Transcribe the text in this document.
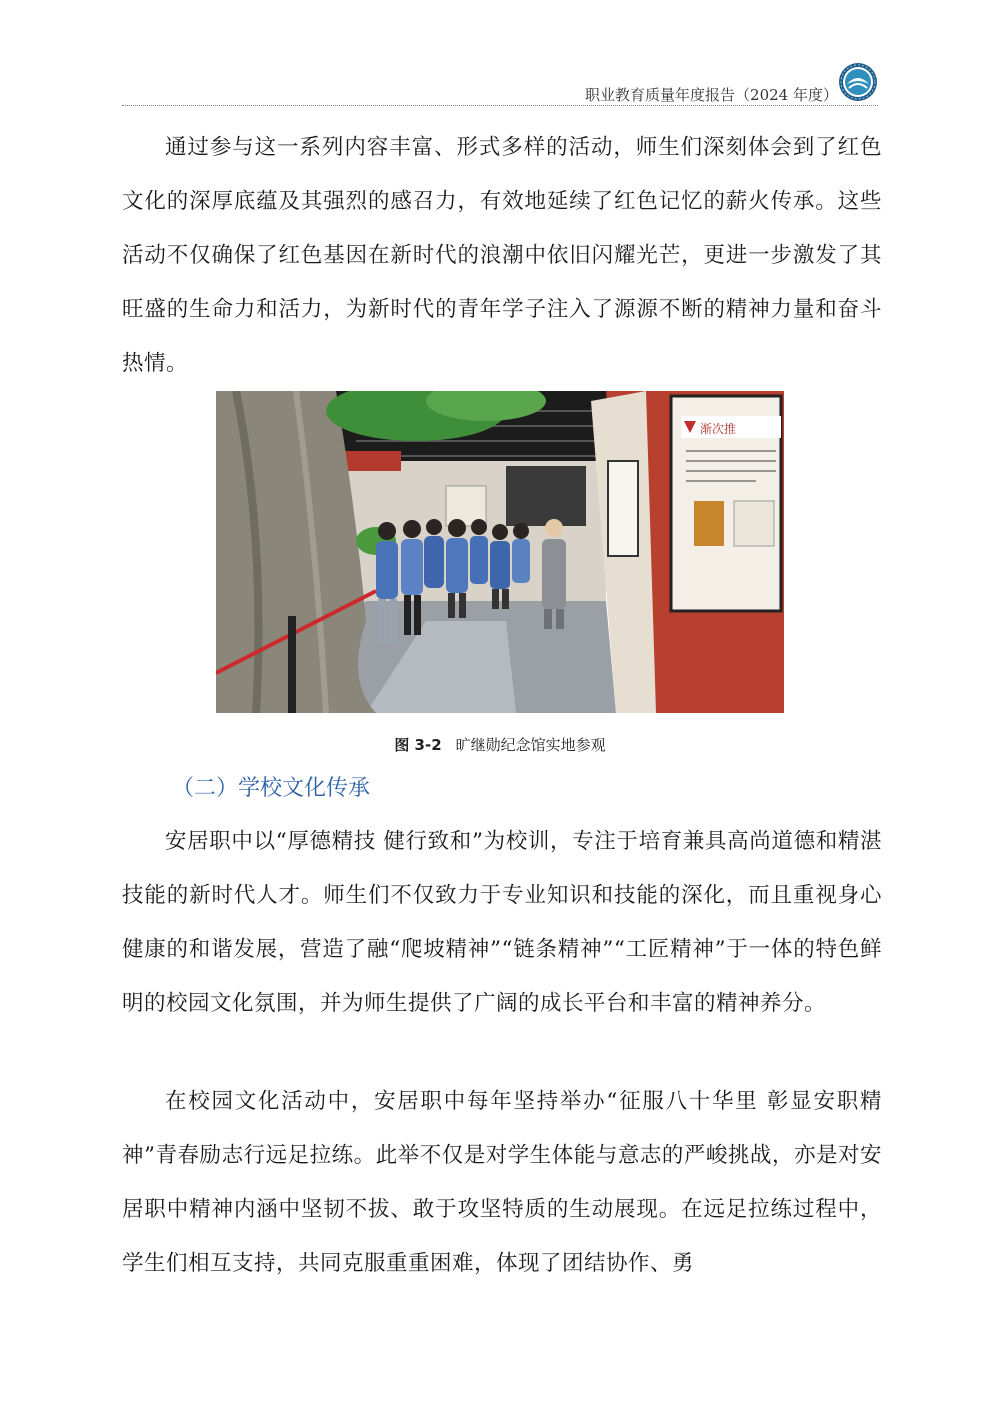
职业教育质量年度报告（2024 年度）

通过参与这一系列内容丰富、形式多样的活动，师生们深刻体会到了红色文化的深厚底蕴及其强烈的感召力，有效地延续了红色记忆的薪火传承。这些活动不仅确保了红色基因在新时代的浪潮中依旧闪耀光芒，更进一步激发了其旺盛的生命力和活力，为新时代的青年学子注入了源源不断的精神力量和奋斗热情。

渐次推
图 3-2 旷继勋纪念馆实地参观
（二）学校文化传承

安居职中以“厚德精技 健行致和”为校训，专注于培育兼具高尚道德和精湛技能的新时代人才。师生们不仅致力于专业知识和技能的深化，而且重视身心健康的和谐发展，营造了融“爬坡精神”“链条精神”“工匠精神”于一体的特色鲜明的校园文化氛围，并为师生提供了广阔的成长平台和丰富的精神养分。

在校园文化活动中，安居职中每年坚持举办“征服八十华里 彰显安职精神”青春励志行远足拉练。此举不仅是对学生体能与意志的严峻挑战，亦是对安居职中精神内涵中坚韧不拔、敢于攻坚特质的生动展现。在远足拉练过程中，学生们相互支持，共同克服重重困难，体现了团结协作、勇
